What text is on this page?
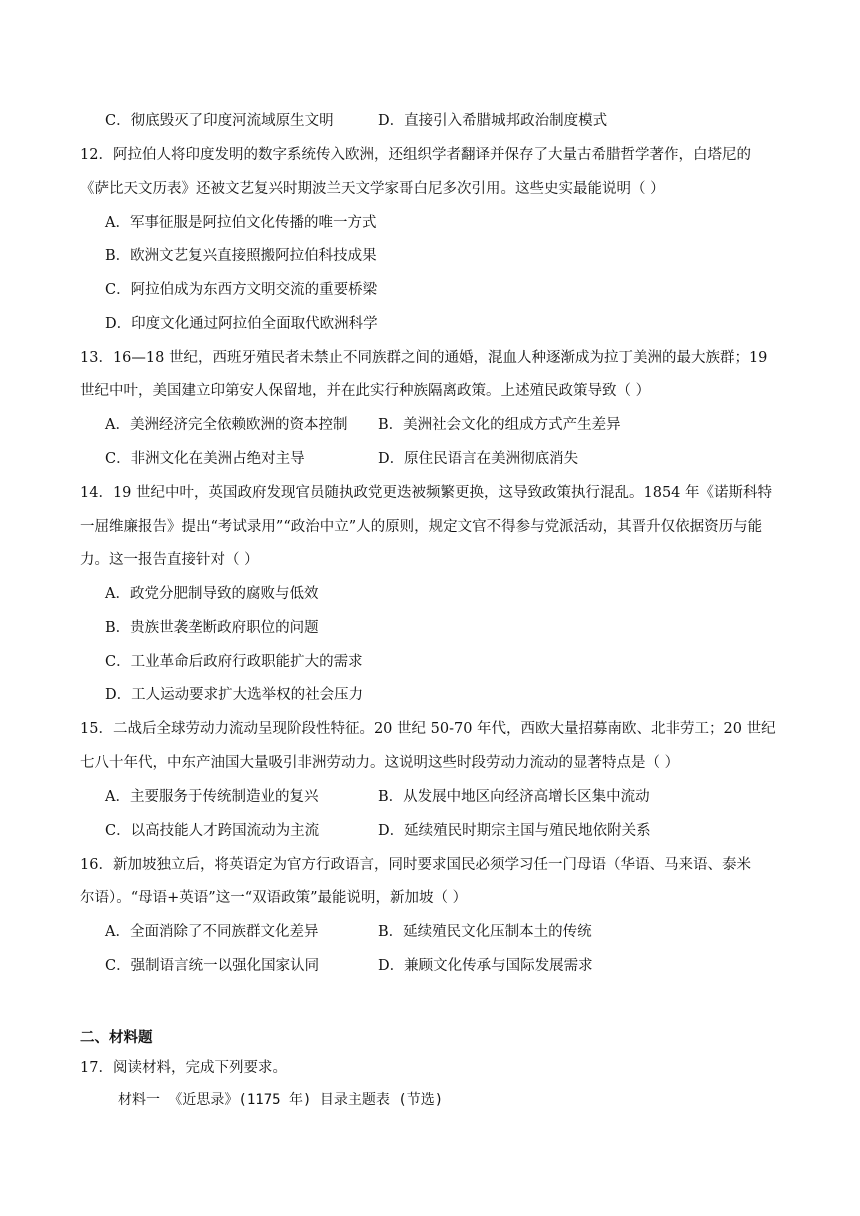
C．彻底毁灭了印度河流域原生文明	D．直接引入希腊城邦政治制度模式
12．阿拉伯人将印度发明的数字系统传入欧洲，还组织学者翻译并保存了大量古希腊哲学著作，白塔尼的
《萨比天文历表》还被文艺复兴时期波兰天文学家哥白尼多次引用。这些史实最能说明（ ）
A．军事征服是阿拉伯文化传播的唯一方式
B．欧洲文艺复兴直接照搬阿拉伯科技成果
C．阿拉伯成为东西方文明交流的重要桥梁
D．印度文化通过阿拉伯全面取代欧洲科学
13．16—18 世纪，西班牙殖民者未禁止不同族群之间的通婚，混血人种逐渐成为拉丁美洲的最大族群；19
世纪中叶，美国建立印第安人保留地，并在此实行种族隔离政策。上述殖民政策导致（ ）
A．美洲经济完全依赖欧洲的资本控制 B．美洲社会文化的组成方式产生差异
C．非洲文化在美洲占绝对主导	D．原住民语言在美洲彻底消失
14．19 世纪中叶，英国政府发现官员随执政党更迭被频繁更换，这导致政策执行混乱。1854 年《诺斯科特
一屈维廉报告》提出“考试录用”“政治中立”人的原则，规定文官不得参与党派活动，其晋升仅依据资历与能
力。这一报告直接针对（ ）
A．政党分肥制导致的腐败与低效
B．贵族世袭垄断政府职位的问题
C．工业革命后政府行政职能扩大的需求
D．工人运动要求扩大选举权的社会压力
15．二战后全球劳动力流动呈现阶段性特征。20 世纪 50-70 年代，西欧大量招募南欧、北非劳工；20 世纪
七八十年代，中东产油国大量吸引非洲劳动力。这说明这些时段劳动力流动的显著特点是（ ）
A．主要服务于传统制造业的复兴	B．从发展中地区向经济高增长区集中流动
C．以高技能人才跨国流动为主流	D．延续殖民时期宗主国与殖民地依附关系
16．新加坡独立后，将英语定为官方行政语言，同时要求国民必须学习任一门母语（华语、马来语、泰米
尔语）。“母语+英语”这一“双语政策”最能说明，新加坡（ ）
A．全面消除了不同族群文化差异	B．延续殖民文化压制本土的传统
C．强制语言统一以强化国家认同	D．兼顾文化传承与国际发展需求
二、材料题
17．阅读材料，完成下列要求。
材料一 《近思录》(1175 年) 目录主题表 (节选)
